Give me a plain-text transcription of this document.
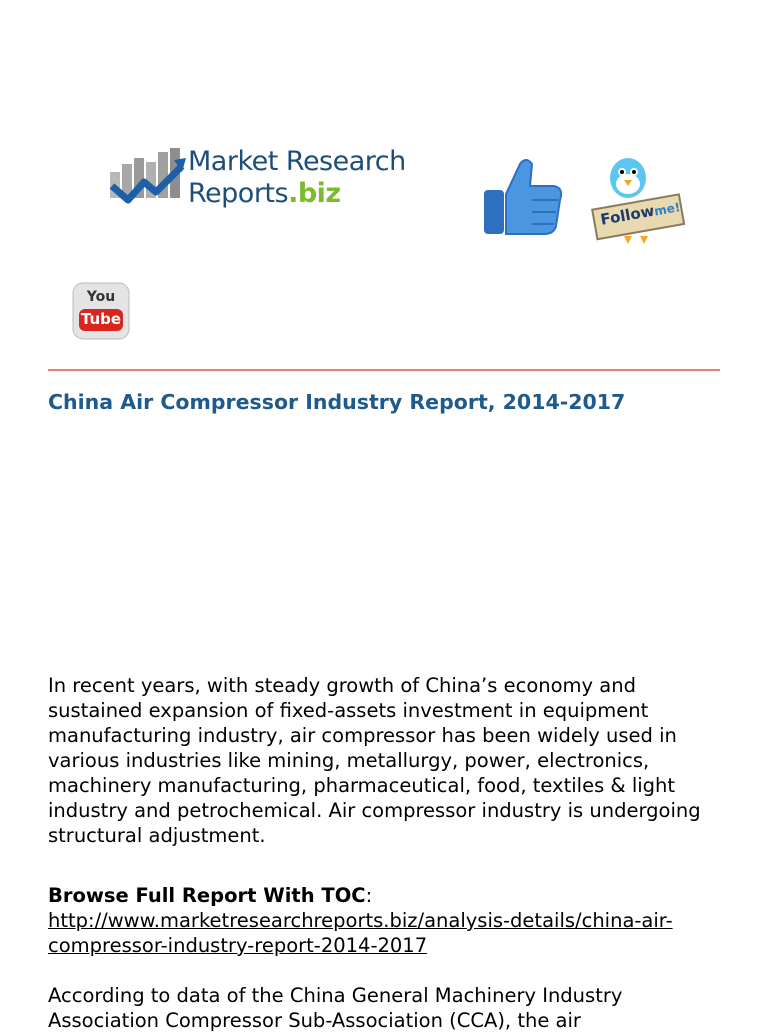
Market Research
Reports.biz
Followme!
You
Tube
China Air Compressor Industry Report, 2014-2017

In recent years, with steady growth of China’s economy and sustained expansion of fixed-assets investment in equipment manufacturing industry, air compressor has been widely used in various industries like mining, metallurgy, power, electronics, machinery manufacturing, pharmaceutical, food, textiles & light industry and petrochemical. Air compressor industry is undergoing structural adjustment.

Browse Full Report With TOC:
http://www.marketresearchreports.biz/analysis-details/china-air-compressor-industry-report-2014-2017

According to data of the China General Machinery Industry Association Compressor Sub-Association (CCA), the air
